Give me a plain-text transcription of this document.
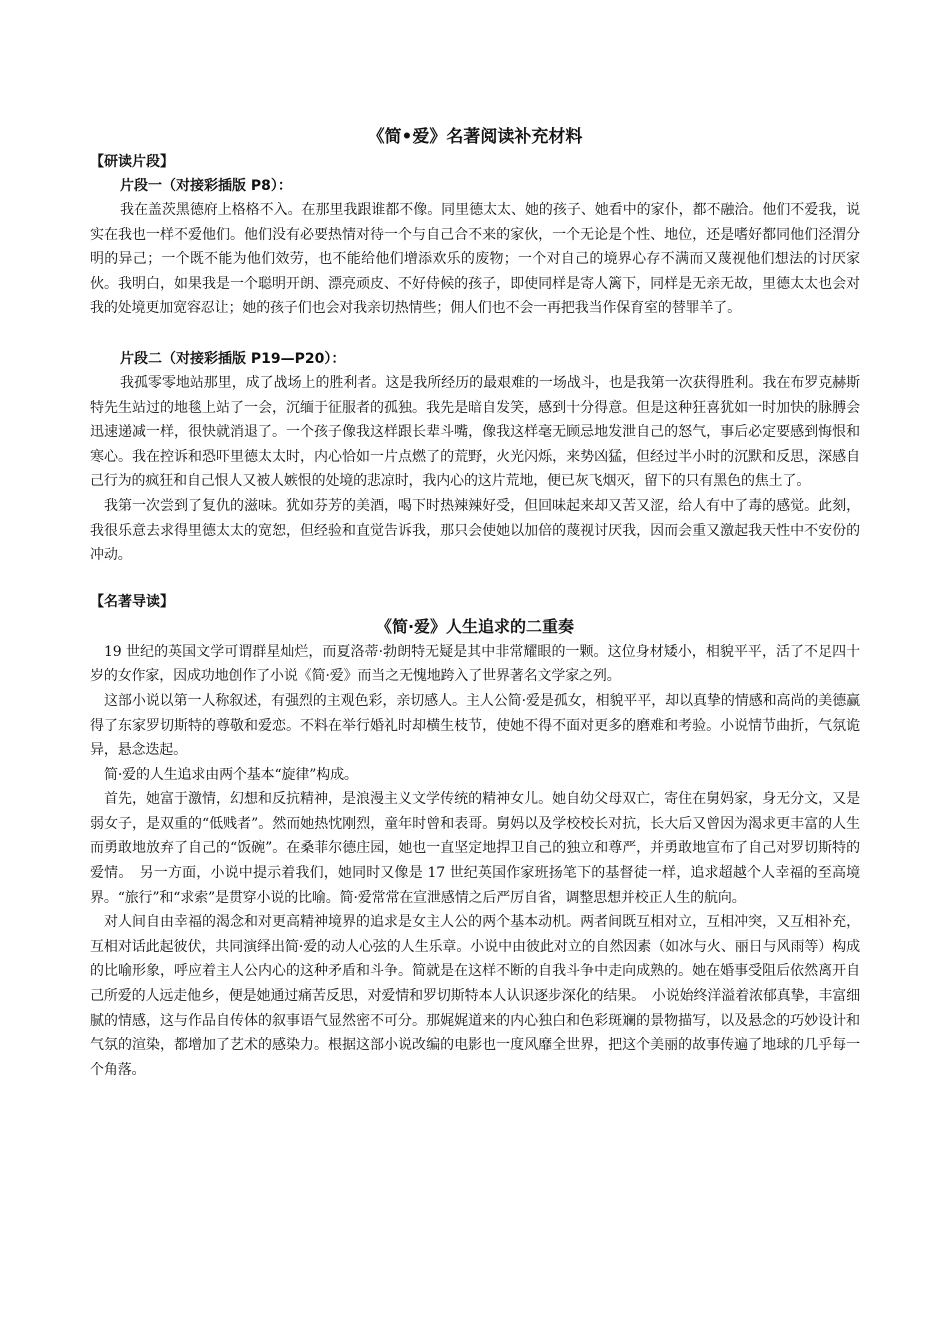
《简•爱》名著阅读补充材料
【研读片段】
片段一（对接彩插版 P8）：

我在盖茨黑德府上格格不入。在那里我跟谁都不像。同里德太太、她的孩子、她看中的家仆，都不融洽。他们不爱我，说实在我也一样不爱他们。他们没有必要热情对待一个与自己合不来的家伙，一个无论是个性、地位，还是嗜好都同他们泾渭分明的异己；一个既不能为他们效劳，也不能给他们增添欢乐的废物；一个对自己的境界心存不满而又蔑视他们想法的讨厌家伙。我明白，如果我是一个聪明开朗、漂亮顽皮、不好侍候的孩子，即使同样是寄人篱下，同样是无亲无故，里德太太也会对我的处境更加宽容忍让；她的孩子们也会对我亲切热情些；佣人们也不会一再把我当作保育室的替罪羊了。

片段二（对接彩插版 P19—P20）：

我孤零零地站那里，成了战场上的胜利者。这是我所经历的最艰难的一场战斗，也是我第一次获得胜利。我在布罗克赫斯特先生站过的地毯上站了一会，沉缅于征服者的孤独。我先是暗自发笑，感到十分得意。但是这种狂喜犹如一时加快的脉膊会迅速递减一样，很快就消退了。一个孩子像我这样跟长辈斗嘴，像我这样毫无顾忌地发泄自己的怒气，事后必定要感到悔恨和寒心。我在控诉和恐吓里德太太时，内心恰如一片点燃了的荒野，火光闪烁，来势凶猛，但经过半小时的沉默和反思，深感自己行为的疯狂和自己恨人又被人嫉恨的处境的悲凉时，我内心的这片荒地，便已灰飞烟灭，留下的只有黑色的焦土了。

我第一次尝到了复仇的滋味。犹如芬芳的美酒，喝下时热辣辣好受，但回味起来却又苦又涩，给人有中了毒的感觉。此刻，我很乐意去求得里德太太的宽恕，但经验和直觉告诉我，那只会使她以加倍的蔑视讨厌我，因而会重又激起我天性中不安份的冲动。

【名著导读】
《简·爱》人生追求的二重奏

19 世纪的英国文学可谓群星灿烂，而夏洛蒂·勃朗特无疑是其中非常耀眼的一颗。这位身材矮小，相貌平平，活了不足四十岁的女作家，因成功地创作了小说《简·爱》而当之无愧地跨入了世界著名文学家之列。

这部小说以第一人称叙述，有强烈的主观色彩，亲切感人。主人公简·爱是孤女，相貌平平，却以真挚的情感和高尚的美德赢得了东家罗切斯特的尊敬和爱恋。不料在举行婚礼时却横生枝节，使她不得不面对更多的磨难和考验。小说情节曲折，气氛诡异，悬念迭起。

简·爱的人生追求由两个基本“旋律”构成。

首先，她富于激情，幻想和反抗精神，是浪漫主义文学传统的精神女儿。她自幼父母双亡，寄住在舅妈家，身无分文，又是弱女子，是双重的“低贱者”。然而她热忱刚烈，童年时曾和表哥。舅妈以及学校校长对抗，长大后又曾因为渴求更丰富的人生而勇敢地放弃了自己的“饭碗”。在桑菲尔德庄园，她也一直坚定地捍卫自己的独立和尊严，并勇敢地宣布了自己对罗切斯特的爱情。　另一方面，小说中提示着我们，她同时又像是 17 世纪英国作家班扬笔下的基督徒一样，追求超越个人幸福的至高境界。“旅行”和“求索”是贯穿小说的比喻。简·爱常常在宣泄感情之后严厉自省，调整思想并校正人生的航向。

对人间自由幸福的渴念和对更高精神境界的追求是女主人公的两个基本动机。两者间既互相对立，互相冲突，又互相补充，互相对话此起彼伏，共同演绎出简·爱的动人心弦的人生乐章。小说中由彼此对立的自然因素（如冰与火、丽日与风雨等）构成的比喻形象，呼应着主人公内心的这种矛盾和斗争。简就是在这样不断的自我斗争中走向成熟的。她在婚事受阻后依然离开自己所爱的人远走他乡，便是她通过痛苦反思，对爱情和罗切斯特本人认识逐步深化的结果。　小说始终洋溢着浓郁真挚，丰富细腻的情感，这与作品自传体的叙事语气显然密不可分。那娓娓道来的内心独白和色彩斑斓的景物描写，以及悬念的巧妙设计和气氛的渲染，都增加了艺术的感染力。根据这部小说改编的电影也一度风靡全世界，把这个美丽的故事传遍了地球的几乎每一个角落。
